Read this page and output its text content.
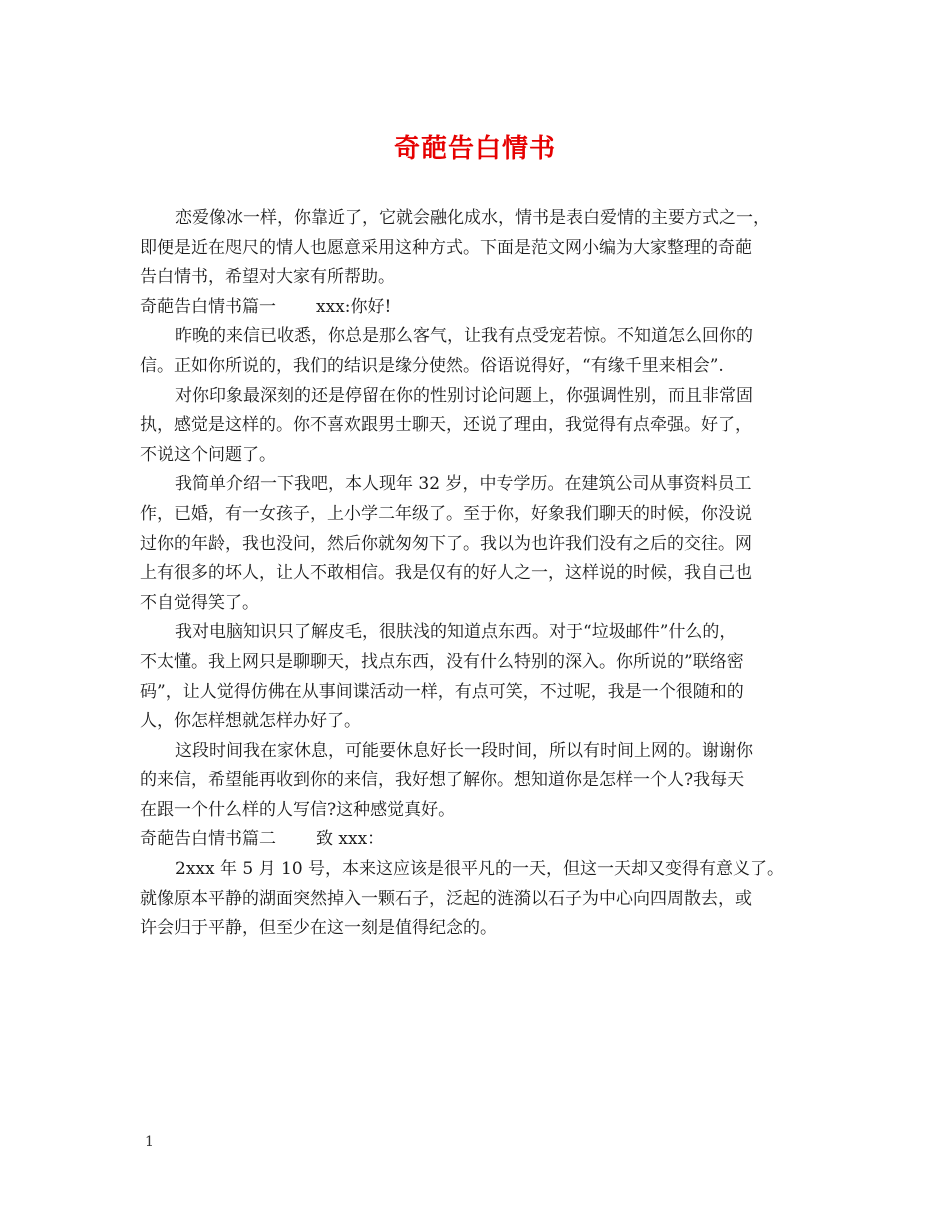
奇葩告白情书
恋爱像冰一样，你靠近了，它就会融化成水，情书是表白爱情的主要方式之一，
即便是近在咫尺的情人也愿意采用这种方式。下面是范文网小编为大家整理的奇葩
告白情书，希望对大家有所帮助。
奇葩告白情书篇一 xxx:你好!
昨晚的来信已收悉，你总是那么客气，让我有点受宠若惊。不知道怎么回你的
信。正如你所说的，我们的结识是缘分使然。俗语说得好，“有缘千里来相会”.
对你印象最深刻的还是停留在你的性别讨论问题上，你强调性别，而且非常固
执，感觉是这样的。你不喜欢跟男士聊天，还说了理由，我觉得有点牵强。好了，
不说这个问题了。
我简单介绍一下我吧，本人现年 32 岁，中专学历。在建筑公司从事资料员工
作，已婚，有一女孩子，上小学二年级了。至于你，好象我们聊天的时候，你没说
过你的年龄，我也没问，然后你就匆匆下了。我以为也许我们没有之后的交往。网
上有很多的坏人，让人不敢相信。我是仅有的好人之一，这样说的时候，我自己也
不自觉得笑了。
我对电脑知识只了解皮毛，很肤浅的知道点东西。对于“垃圾邮件”什么的，
不太懂。我上网只是聊聊天，找点东西，没有什么特别的深入。你所说的”联络密
码”，让人觉得仿佛在从事间谍活动一样，有点可笑，不过呢，我是一个很随和的
人，你怎样想就怎样办好了。
这段时间我在家休息，可能要休息好长一段时间，所以有时间上网的。谢谢你
的来信，希望能再收到你的来信，我好想了解你。想知道你是怎样一个人?我每天
在跟一个什么样的人写信?这种感觉真好。
奇葩告白情书篇二 致 xxx：
2xxx 年 5 月 10 号，本来这应该是很平凡的一天，但这一天却又变得有意义了。
就像原本平静的湖面突然掉入一颗石子，泛起的涟漪以石子为中心向四周散去，或
许会归于平静，但至少在这一刻是值得纪念的。
1
